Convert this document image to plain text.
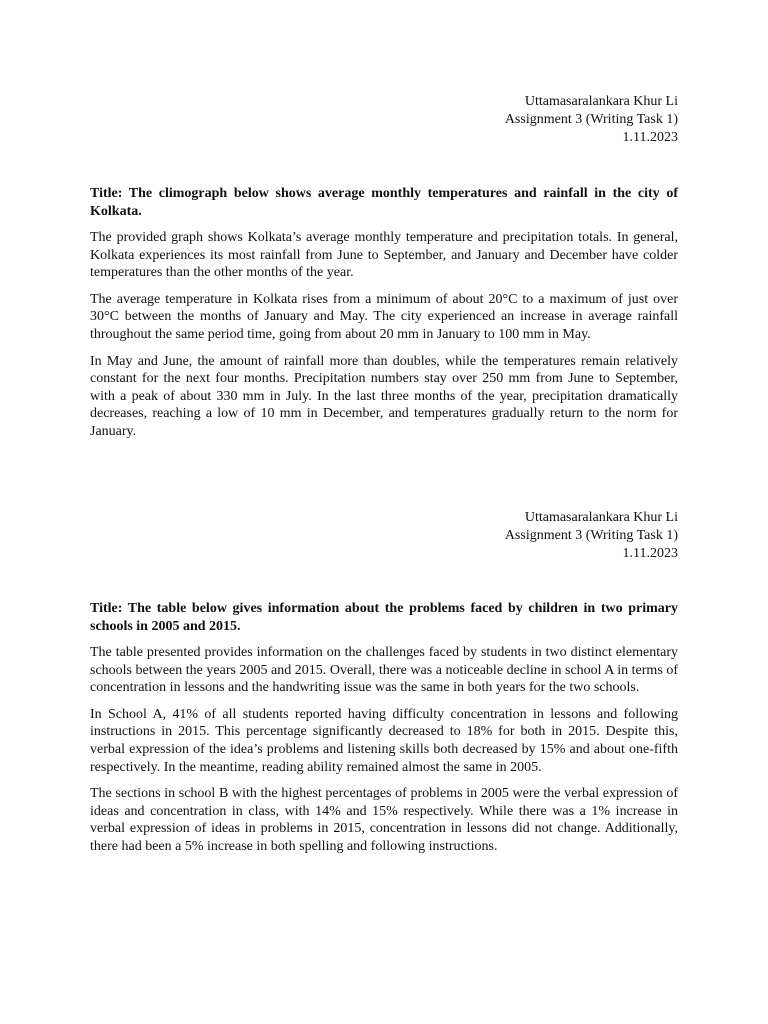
Uttamasaralankara Khur Li
Assignment 3 (Writing Task 1)
1.11.2023

Title: The climograph below shows average monthly temperatures and rainfall in the city of Kolkata.

The provided graph shows Kolkata’s average monthly temperature and precipitation totals. In general, Kolkata experiences its most rainfall from June to September, and January and December have colder temperatures than the other months of the year.

The average temperature in Kolkata rises from a minimum of about 20°C to a maximum of just over 30°C between the months of January and May. The city experienced an increase in average rainfall throughout the same period time, going from about 20 mm in January to 100 mm in May.

In May and June, the amount of rainfall more than doubles, while the temperatures remain relatively constant for the next four months. Precipitation numbers stay over 250 mm from June to September, with a peak of about 330 mm in July. In the last three months of the year, precipitation dramatically decreases, reaching a low of 10 mm in December, and temperatures gradually return to the norm for January.

Uttamasaralankara Khur Li
Assignment 3 (Writing Task 1)
1.11.2023

Title: The table below gives information about the problems faced by children in two primary schools in 2005 and 2015.

The table presented provides information on the challenges faced by students in two distinct elementary schools between the years 2005 and 2015. Overall, there was a noticeable decline in school A in terms of concentration in lessons and the handwriting issue was the same in both years for the two schools.

In School A, 41% of all students reported having difficulty concentration in lessons and following instructions in 2015. This percentage significantly decreased to 18% for both in 2015. Despite this, verbal expression of the idea’s problems and listening skills both decreased by 15% and about one-fifth respectively. In the meantime, reading ability remained almost the same in 2005.

The sections in school B with the highest percentages of problems in 2005 were the verbal expression of ideas and concentration in class, with 14% and 15% respectively. While there was a 1% increase in verbal expression of ideas in problems in 2015, concentration in lessons did not change. Additionally, there had been a 5% increase in both spelling and following instructions.
